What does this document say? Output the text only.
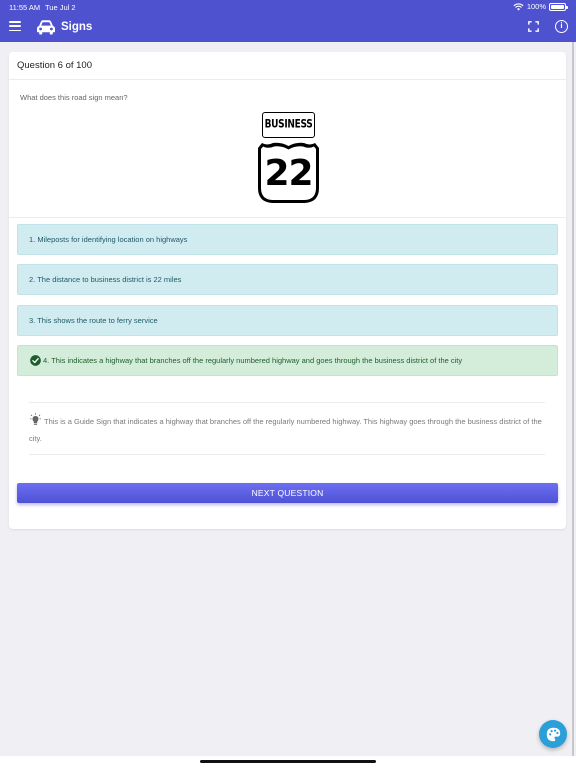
11:55 AM Tue Jul 2	100%
Signs	i
Question 6 of 100
What does this road sign mean?
BUSINESS
22
1. Mileposts for identifying location on highways
2. The distance to business district is 22 miles
3. This shows the route to ferry service
4. This indicates a highway that branches off the regularly numbered highway and goes through the business district of the city

This is a Guide Sign that indicates a highway that branches off the regularly numbered highway. This highway goes through the business district of the city.

NEXT QUESTION
